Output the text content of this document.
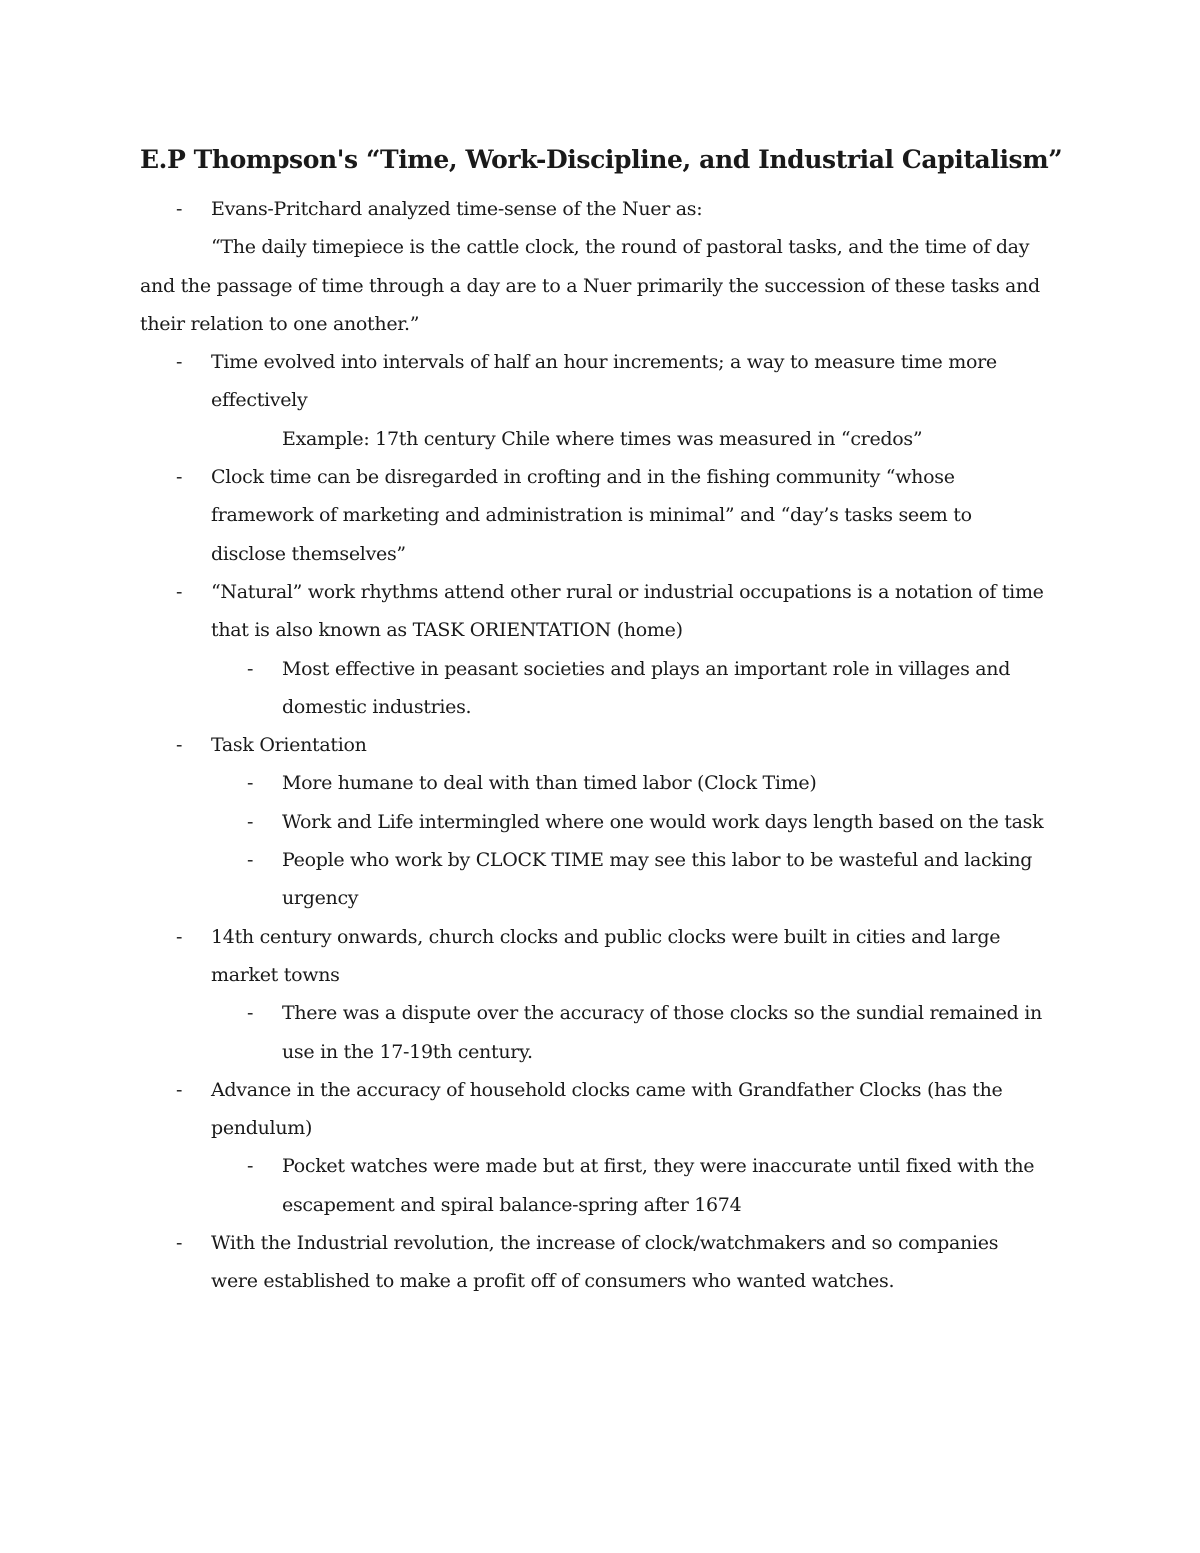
E.P Thompson's “Time, Work-Discipline, and Industrial Capitalism”
-	Evans-Pritchard analyzed time-sense of the Nuer as:
“The daily timepiece is the cattle clock, the round of pastoral tasks, and the time of day
and the passage of time through a day are to a Nuer primarily the succession of these tasks and
their relation to one another.”
-	Time evolved into intervals of half an hour increments; a way to measure time more
effectively
Example: 17th century Chile where times was measured in “credos”
-	Clock time can be disregarded in crofting and in the fishing community “whose
framework of marketing and administration is minimal” and “day’s tasks seem to
disclose themselves”
-	“Natural” work rhythms attend other rural or industrial occupations is a notation of time
that is also known as TASK ORIENTATION (home)
-	Most effective in peasant societies and plays an important role in villages and
domestic industries.
-	Task Orientation
-	More humane to deal with than timed labor (Clock Time)
-	Work and Life intermingled where one would work days length based on the task
-	People who work by CLOCK TIME may see this labor to be wasteful and lacking
urgency
-	14th century onwards, church clocks and public clocks were built in cities and large
market towns
-	There was a dispute over the accuracy of those clocks so the sundial remained in
use in the 17-19th century.
-	Advance in the accuracy of household clocks came with Grandfather Clocks (has the
pendulum)
-	Pocket watches were made but at first, they were inaccurate until fixed with the
escapement and spiral balance-spring after 1674
-	With the Industrial revolution, the increase of clock/watchmakers and so companies
were established to make a profit off of consumers who wanted watches.
